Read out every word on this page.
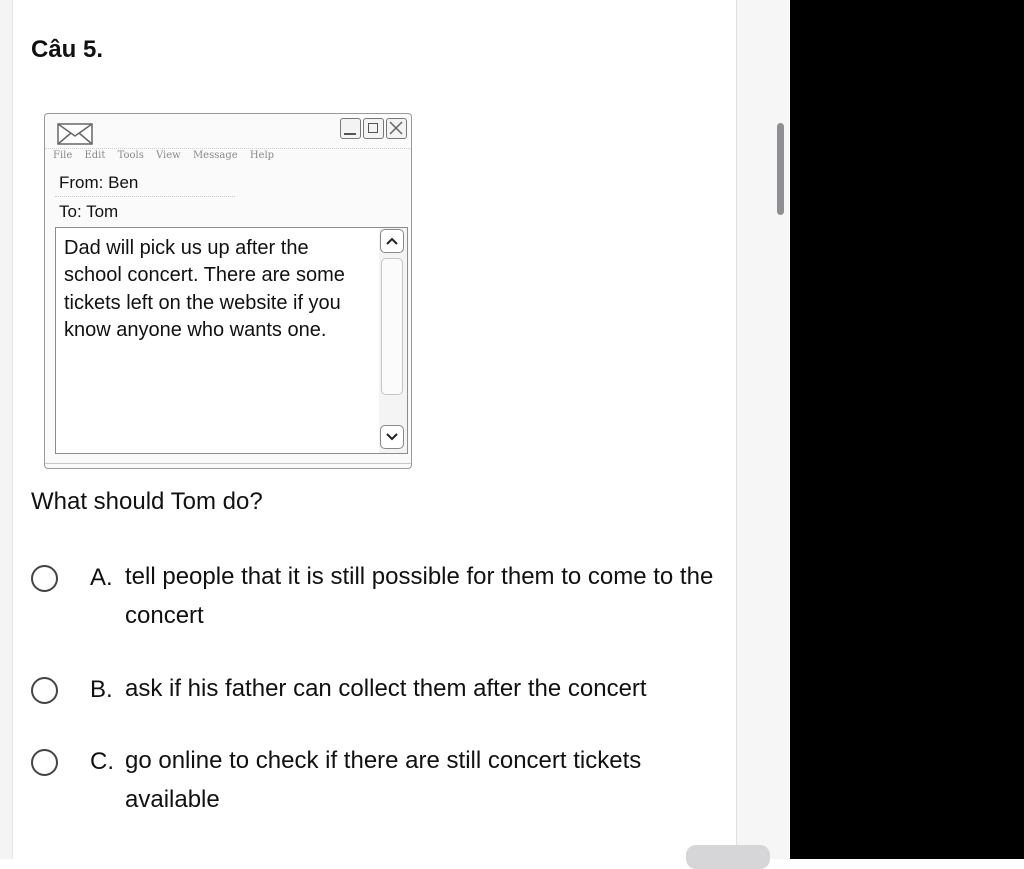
Câu 5.
File Edit Tools View Message Help
From: Ben
To: Tom
Dad will pick us up after the school concert. There are some tickets left on the website if you know anyone who wants one.
What should Tom do?
A. tell people that it is still possible for them to come to the concert
B. ask if his father can collect them after the concert
C. go online to check if there are still concert tickets available
